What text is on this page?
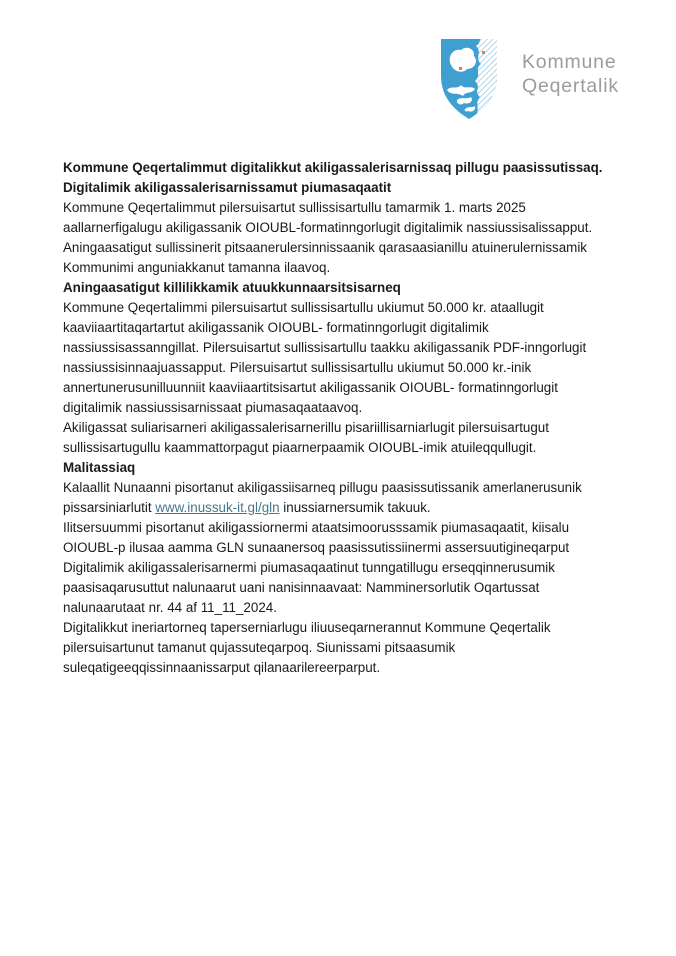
Kommune
Qeqertalik
Kommune Qeqertalimmut digitalikkut akiligassalerisarnissaq pillugu paasissutissaq.
Digitalimik akiligassalerisarnissamut piumasaqaatit

Kommune Qeqertalimmut pilersuisartut sullissisartullu tamarmik 1. marts 2025 aallarnerfigalugu akiligassanik OIOUBL-formatinngorlugit digitalimik nassiussisalissapput. Aningaasatigut sullissinerit pitsaanerulersinnissaanik qarasaasianillu atuinerulernissamik Kommunimi anguniakkanut tamanna ilaavoq.

Aningaasatigut killilikkamik atuukkunnaarsitsisarneq

Kommune Qeqertalimmi pilersuisartut sullissisartullu ukiumut 50.000 kr. ataallugit kaaviiaartitaqartartut akiligassanik OIOUBL- formatinngorlugit digitalimik nassiussisassanngillat. Pilersuisartut sullissisartullu taakku akiligassanik PDF-inngorlugit nassiussisinnaajuassapput. Pilersuisartut sullissisartullu ukiumut 50.000 kr.-inik annertunerusunilluunniit kaaviiaartitsisartut akiligassanik OIOUBL- formatinngorlugit digitalimik nassiussisarnissaat piumasaqaataavoq.

Akiligassat suliarisarneri akiligassalerisarnerillu pisariillisarniarlugit pilersuisartugut sullissisartugullu kaammattorpagut piaarnerpaamik OIOUBL-imik atuileqqullugit.

Malitassiaq

Kalaallit Nunaanni pisortanut akiligassiisarneq pillugu paasissutissanik amerlanerusunik pissarsiniarlutit www.inussuk-it.gl/gln inussiarnersumik takuuk.

Ilitsersuummi pisortanut akiligassiornermi ataatsimoorusssamik piumasaqaatit, kiisalu OIOUBL-p ilusaa aamma GLN sunaanersoq paasissutissiinermi assersuutigineqarput

Digitalimik akiligassalerisarnermi piumasaqaatinut tunngatillugu erseqqinnerusumik paasisaqarusuttut nalunaarut uani nanisinnaavaat: Namminersorlutik Oqartussat nalunaarutaat nr. 44 af 11_11_2024.

Digitalikkut ineriartorneq taperserniarlugu iliuuseqarnerannut Kommune Qeqertalik pilersuisartunut tamanut qujassuteqarpoq. Siunissami pitsaasumik suleqatigeeqqissinnaanissarput qilanaarilereerparput.
